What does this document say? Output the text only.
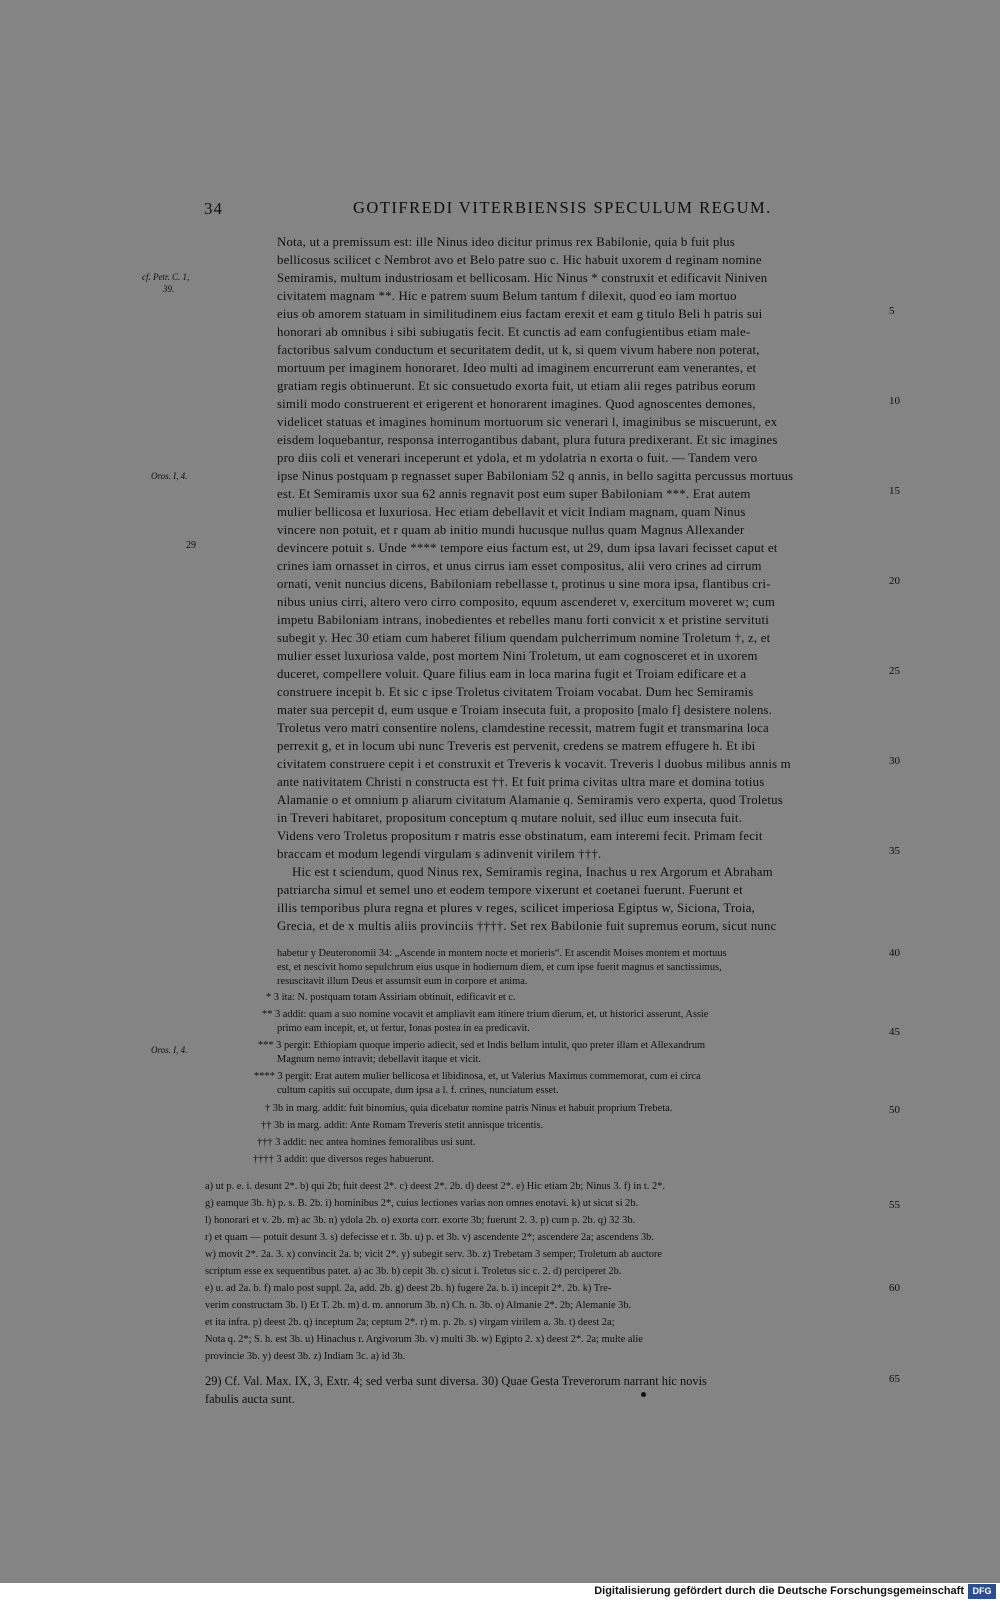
34	GOTIFREDI VITERBIENSIS SPECULUM REGUM.
Nota, ut a premissum est: ille Ninus ideo dicitur primus rex Babilonie, quia b fuit plus
bellicosus scilicet c Nembrot avo et Belo patre suo c. Hic habuit uxorem d reginam nomine
Semiramis, multum industriosam et bellicosam. Hic Ninus * construxit et edificavit Niniven
civitatem magnam **. Hic e patrem suum Belum tantum f dilexit, quod eo iam mortuo
eius ob amorem statuam in similitudinem eius factam erexit et eam g titulo Beli h patris sui
honorari ab omnibus i sibi subiugatis fecit. Et cunctis ad eam confugientibus etiam male-
factoribus salvum conductum et securitatem dedit, ut k, si quem vivum habere non poterat,
mortuum per imaginem honoraret. Ideo multi ad imaginem encurrerunt eam venerantes, et
gratiam regis obtinuerunt. Et sic consuetudo exorta fuit, ut etiam alii reges patribus eorum
simili modo construerent et erigerent et honorarent imagines. Quod agnoscentes demones,
videlicet statuas et imagines hominum mortuorum sic venerari l, imaginibus se miscuerunt, ex
eisdem loquebantur, responsa interrogantibus dabant, plura futura predixerant. Et sic imagines
pro diis coli et venerari inceperunt et ydola, et m ydolatria n exorta o fuit. — Tandem vero
ipse Ninus postquam p regnasset super Babiloniam 52 q annis, in bello sagitta percussus mortuus
est. Et Semiramis uxor sua 62 annis regnavit post eum super Babiloniam ***. Erat autem
mulier bellicosa et luxuriosa. Hec etiam debellavit et vicit Indiam magnam, quam Ninus
vincere non potuit, et r quam ab initio mundi hucusque nullus quam Magnus Allexander
devincere potuit s. Unde **** tempore eius factum est, ut 29, dum ipsa lavari fecisset caput et
crines iam ornasset in cirros, et unus cirrus iam esset compositus, alii vero crines ad cirrum
ornati, venit nuncius dicens, Babiloniam rebellasse t, protinus u sine mora ipsa, flantibus cri-
nibus unius cirri, altero vero cirro composito, equum ascenderet v, exercitum moveret w; cum
impetu Babiloniam intrans, inobedientes et rebelles manu forti convicit x et pristine servituti
subegit y. Hec 30 etiam cum haberet filium quendam pulcherrimum nomine Troletum †, z, et
mulier esset luxuriosa valde, post mortem Nini Troletum, ut eam cognosceret et in uxorem
duceret, compellere voluit. Quare filius eam in loca marina fugit et Troiam edificare et a
construere incepit b. Et sic c ipse Troletus civitatem Troiam vocabat. Dum hec Semiramis
mater sua percepit d, eum usque e Troiam insecuta fuit, a proposito [malo f] desistere nolens.
Troletus vero matri consentire nolens, clamdestine recessit, matrem fugit et transmarina loca
perrexit g, et in locum ubi nunc Treveris est pervenit, credens se matrem effugere h. Et ibi
civitatem construere cepit i et construxit et Treveris k vocavit. Treveris l duobus milibus annis m
ante nativitatem Christi n constructa est ††. Et fuit prima civitas ultra mare et domina totius
Alamanie o et omnium p aliarum civitatum Alamanie q. Semiramis vero experta, quod Troletus
in Treveri habitaret, propositum conceptum q mutare noluit, sed illuc eum insecuta fuit.
Videns vero Troletus propositum r matris esse obstinatum, eam interemi fecit. Primam fecit
braccam et modum legendi virgulam s adinvenit virilem †††.
Hic est t sciendum, quod Ninus rex, Semiramis regina, Inachus u rex Argorum et Abraham
patriarcha simul et semel uno et eodem tempore vixerunt et coetanei fuerunt. Fuerunt et
illis temporibus plura regna et plures v reges, scilicet imperiosa Egiptus w, Siciona, Troia,
Grecia, et de x multis aliis provinciis ††††. Set rex Babilonie fuit supremus eorum, sicut nunc
habetur y Deuteronomii 34: „Ascende in montem nocte et morieris“. Et ascendit Moises montem et mortuus
est, et nescivit homo sepulchrum eius usque in hodiernum diem, et cum ipse fuerit magnus et sanctissimus,
resuscitavit illum Deus et assumsit eum in corpore et anima.
* 3 ita: N. postquam totam Assiriam obtinuit, edificavit et c.
** 3 addit: quam a suo nomine vocavit et ampliavit eam itinere trium dierum, et, ut historici asserunt, Assie
primo eam incepit, et, ut fertur, Ionas postea in ea predicavit.
*** 3 pergit: Ethiopiam quoque imperio adiecit, sed et Indis bellum intulit, quo preter illam et Allexandrum
Magnum nemo intravit; debellavit itaque et vicit.
**** 3 pergit: Erat autem mulier bellicosa et libidinosa, et, ut Valerius Maximus commemorat, cum ei circa
cultum capitis sui occupate, dum ipsa a l. f. crines, nunciatum esset.
† 3b in marg. addit: fuit binomius, quia dicebatur nomine patris Ninus et habuit proprium Trebeta.
†† 3b in marg. addit: Ante Romam Treveris stetit annisque tricentis.
††† 3 addit: nec antea homines femoralibus usi sunt.
†††† 3 addit: que diversos reges habuerunt.
a) ut p. e. i. desunt 2*. b) qui 2b; fuit deest 2*. c) deest 2*. 2b. d) deest 2*. e) Hic etiam 2b; Ninus 3. f) in t. 2*.
g) eamque 3b. h) p. s. B. 2b. i) hominibus 2*, cuius lectiones varias non omnes enotavi. k) ut sicut si 2b.
l) honorari et v. 2b. m) ac 3b. n) ydola 2b. o) exorta corr. exorte 3b; fuerunt 2. 3. p) cum p. 2b. q) 32 3b.
r) et quam — potuit desunt 3. s) defecisse et r. 3b. u) p. et 3b. v) ascendente 2*; ascendere 2a; ascendens 3b.
w) movit 2*. 2a. 3. x) convincit 2a. b; vicit 2*. y) subegit serv. 3b. z) Trebetam 3 semper; Troletum ab auctore
scriptum esse ex sequentibus patet. a) ac 3b. b) cepit 3b. c) sicut i. Troletus sic c. 2. d) perciperet 2b.
e) u. ad 2a. b. f) malo post suppl. 2a, add. 2b. g) deest 2b. h) fugere 2a. b. i) incepit 2*. 2b. k) Tre-
verim constructam 3b. l) Et T. 2b. m) d. m. annorum 3b. n) Ch. n. 3b. o) Almanie 2*. 2b; Alemanie 3b.
et ita infra. p) deest 2b. q) inceptum 2a; ceptum 2*. r) m. p. 2b. s) virgam virilem a. 3b. t) deest 2a;
Nota q. 2*; S. h. est 3b. u) Hinachus r. Argivorum 3b. v) multi 3b. w) Egipto 2. x) deest 2*. 2a; multe alie
provincie 3b. y) deest 3b. z) Indiam 3c. a) id 3b.
29) Cf. Val. Max. IX, 3, Extr. 4; sed verba sunt diversa. 30) Quae Gesta Treverorum narrant hic novis
fabulis aucta sunt.
cf. Petr. C. 1,
39.
Oros. I, 4.
29
Oros. I, 4.
5
10
15
20
25
30
35
40
45
50
55
60
65
Digitalisierung gefördert durch die Deutsche Forschungsgemeinschaft DFG
